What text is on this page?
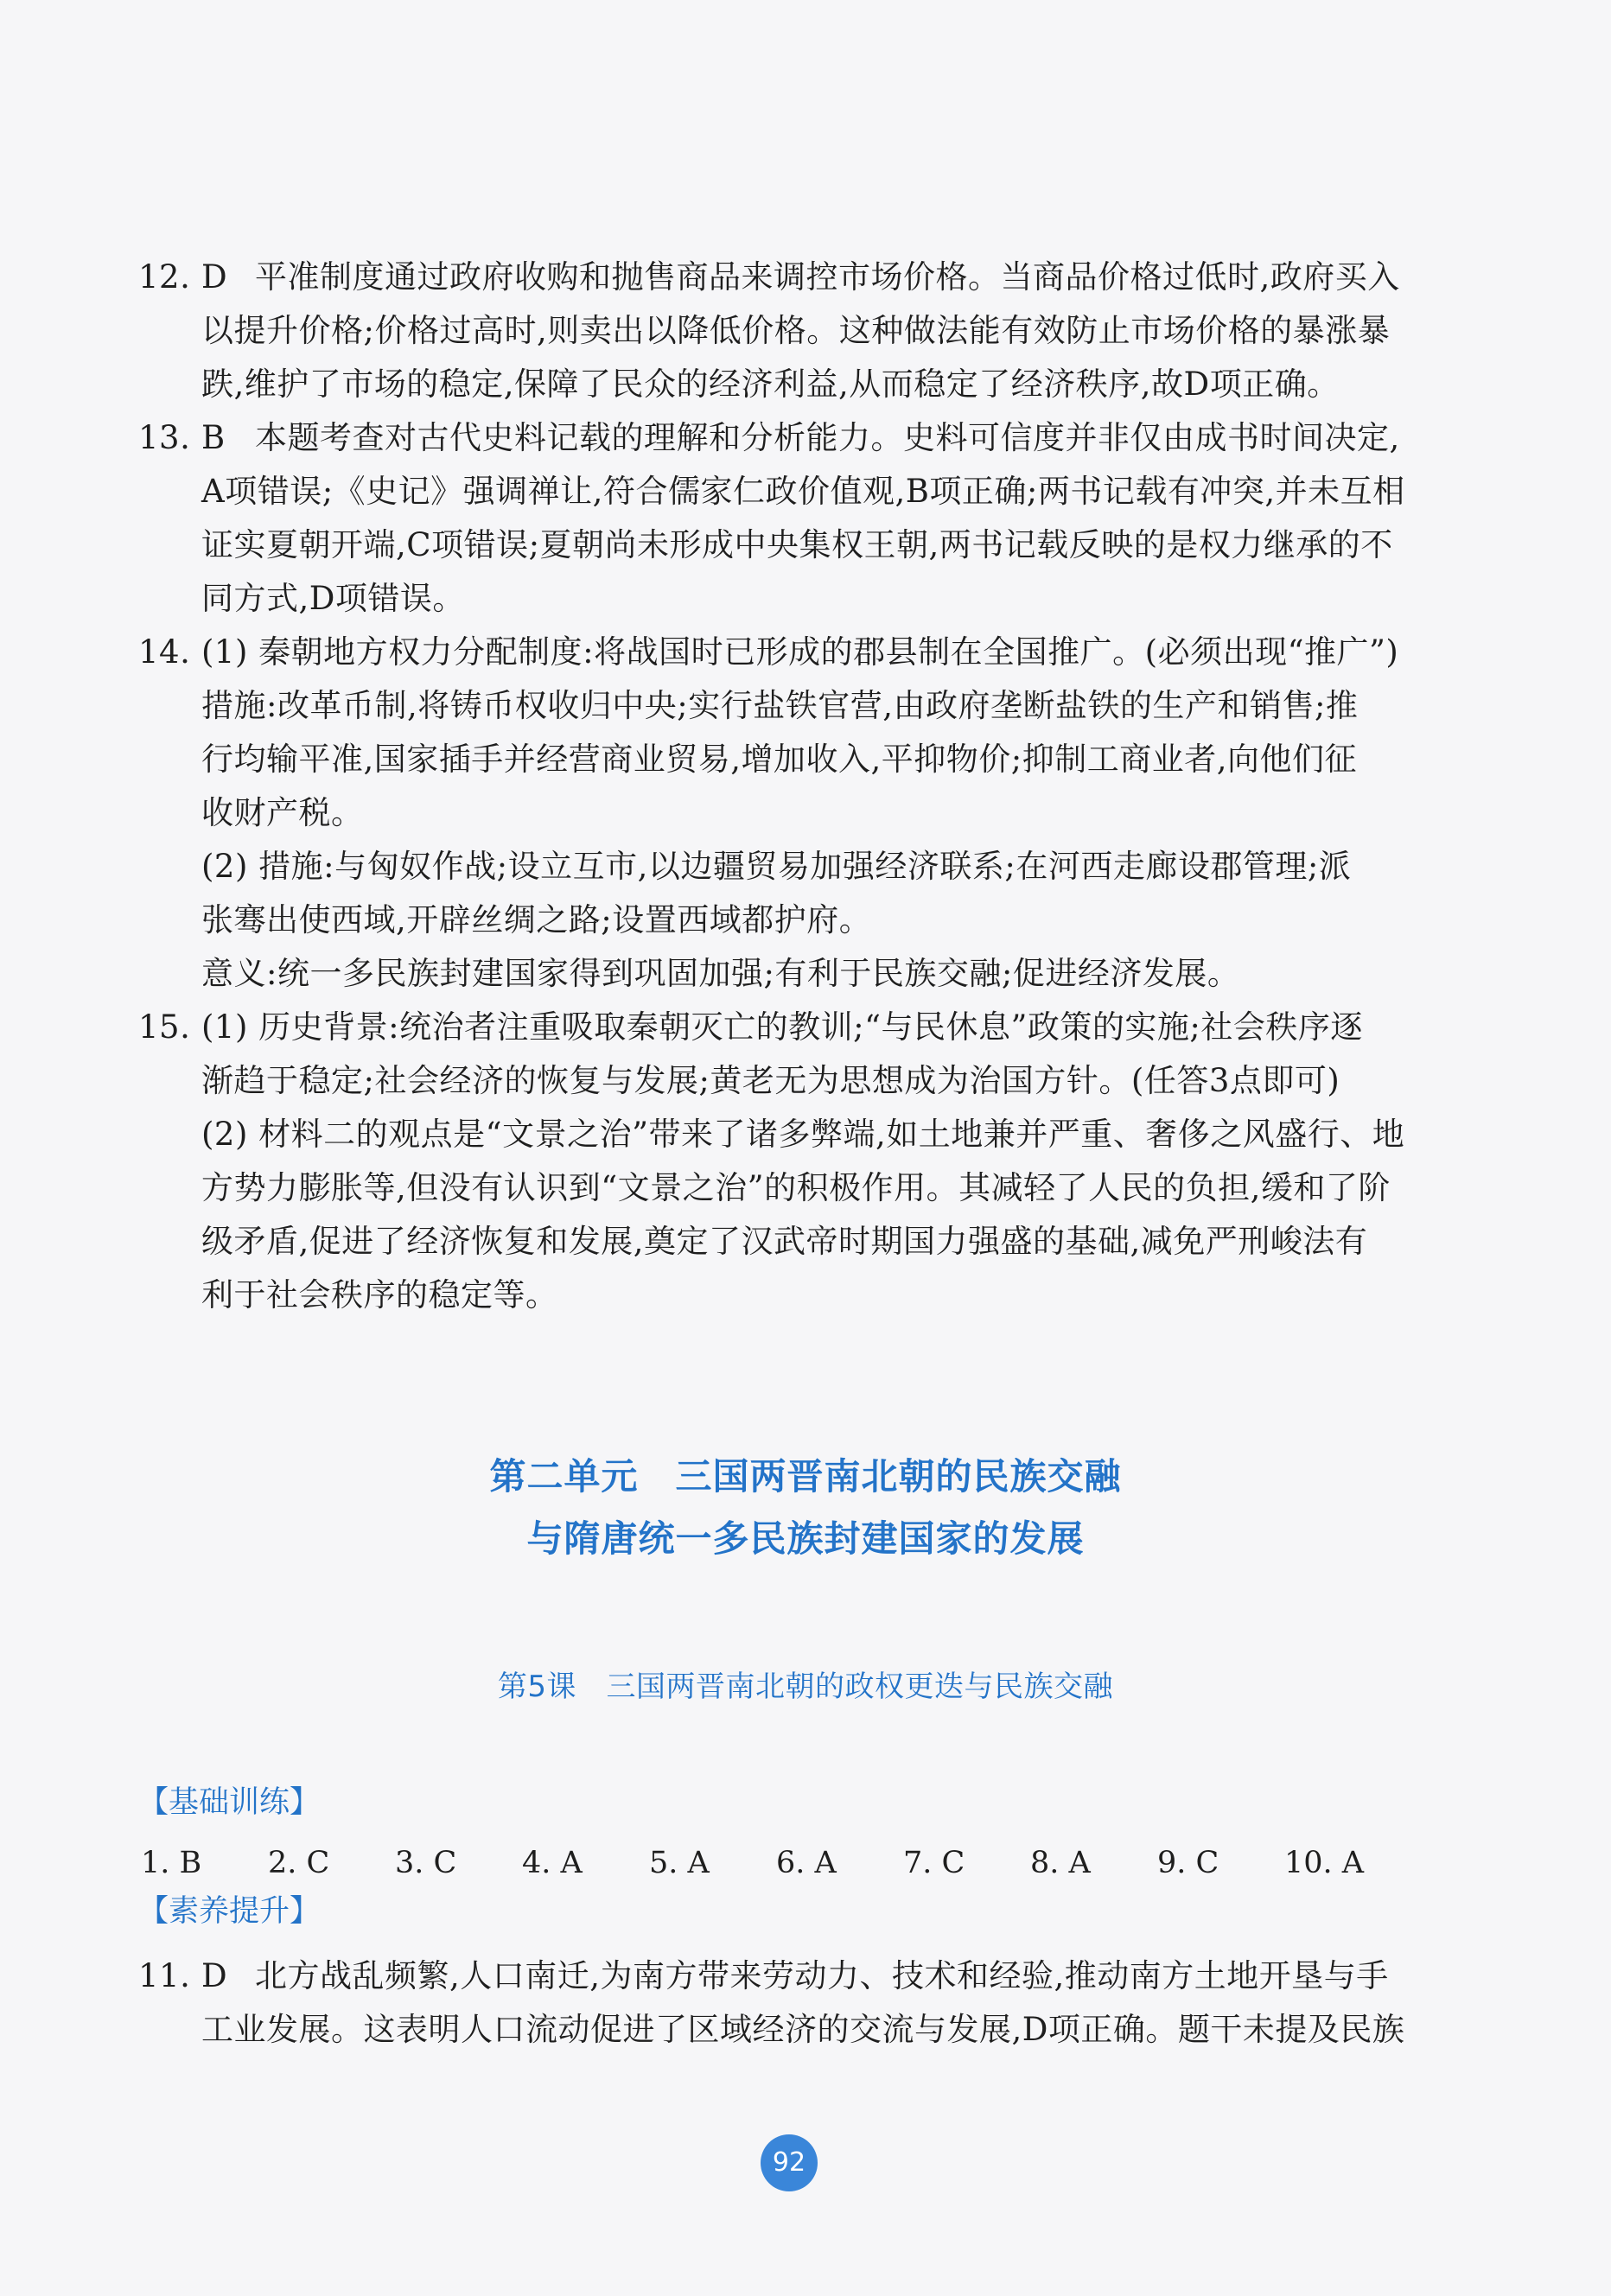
12. D 平准制度通过政府收购和抛售商品来调控市场价格。当商品价格过低时,政府买入
以提升价格;价格过高时,则卖出以降低价格。这种做法能有效防止市场价格的暴涨暴
跌,维护了市场的稳定,保障了民众的经济利益,从而稳定了经济秩序,故D项正确。
13. B 本题考查对古代史料记载的理解和分析能力。史料可信度并非仅由成书时间决定,
A项错误;《史记》强调禅让,符合儒家仁政价值观,B项正确;两书记载有冲突,并未互相
证实夏朝开端,C项错误;夏朝尚未形成中央集权王朝,两书记载反映的是权力继承的不
同方式,D项错误。
14. (1) 秦朝地方权力分配制度:将战国时已形成的郡县制在全国推广。(必须出现“推广”)
措施:改革币制,将铸币权收归中央;实行盐铁官营,由政府垄断盐铁的生产和销售;推
行均输平准,国家插手并经营商业贸易,增加收入,平抑物价;抑制工商业者,向他们征
收财产税。
(2) 措施:与匈奴作战;设立互市,以边疆贸易加强经济联系;在河西走廊设郡管理;派
张骞出使西域,开辟丝绸之路;设置西域都护府。
意义:统一多民族封建国家得到巩固加强;有利于民族交融;促进经济发展。
15. (1) 历史背景:统治者注重吸取秦朝灭亡的教训;“与民休息”政策的实施;社会秩序逐
渐趋于稳定;社会经济的恢复与发展;黄老无为思想成为治国方针。(任答3点即可)
(2) 材料二的观点是“文景之治”带来了诸多弊端,如土地兼并严重、奢侈之风盛行、地
方势力膨胀等,但没有认识到“文景之治”的积极作用。其减轻了人民的负担,缓和了阶
级矛盾,促进了经济恢复和发展,奠定了汉武帝时期国力强盛的基础,减免严刑峻法有
利于社会秩序的稳定等。
第二单元　三国两晋南北朝的民族交融
与隋唐统一多民族封建国家的发展
第5课　三国两晋南北朝的政权更迭与民族交融
【基础训练】
1. B	2. C	3. C	4. A	5. A	6. A	7. C	8. A	9. C	10. A
【素养提升】
11. D 北方战乱频繁,人口南迁,为南方带来劳动力、技术和经验,推动南方土地开垦与手
工业发展。这表明人口流动促进了区域经济的交流与发展,D项正确。题干未提及民族
92
